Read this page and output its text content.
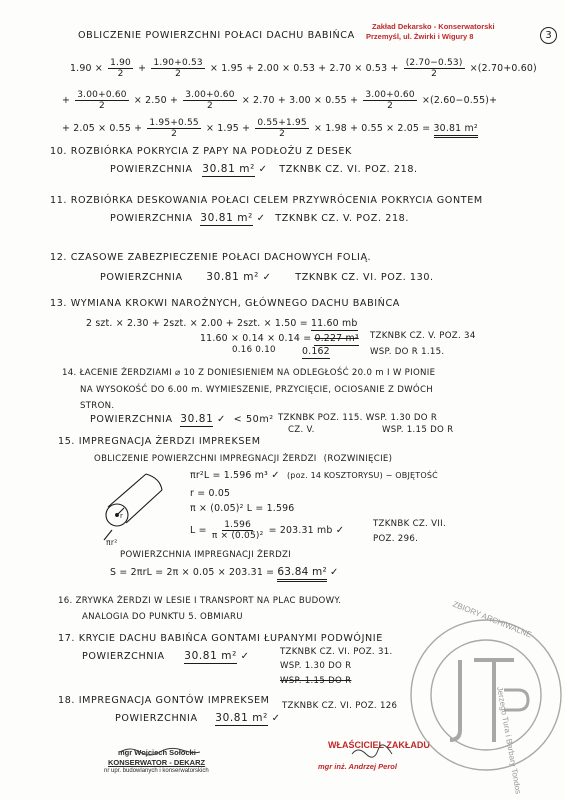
OBLICZENIE POWIERZCHNI POŁACI DACHU BABIŃCA
Zakład Dekarsko - Konserwatorski
Przemyśl, ul. Żwirki i Wigury 8	3
$1.90 \times \frac{1.90}{2} + \frac{1.90+0.53}{2} \times 1.95 + 2.00 \times 0.53 + 2.70 \times 0.53 + \frac{(2.70-0.53)}{2} \times(2.70+0.60)$
+ $\frac{3.00+0.60}{2} \times 2.50 + \frac{3.00+0.60}{2} \times 2.70 + 3.00 \times 0.55 + \frac{3.00+0.60}{2} \times(2.60-0.55)+$
+ $2.05 \times 0.55 + \frac{1.95+0.55}{2} \times 1.95 + \frac{0.55+1.95}{2} \times 1.98 + 0.55 \times 2.05 = 30.81$ m²
10. ROZBIÓRKA POKRYCIA Z PAPY NA PODŁOŻU Z DESEK
POWIERZCHNIA 30.81 m² ✓ TZKNBK CZ. VI. POZ. 218.
11. ROZBIÓRKA DESKOWANIA POŁACI CELEM PRZYWRÓCENIA POKRYCIA GONTEM
POWIERZCHNIA 30.81 m² ✓ TZKNBK CZ. V. POZ. 218.
12. CZASOWE ZABEZPIECZENIE POŁACI DACHOWYCH FOLIĄ.
POWIERZCHNIA 30.81 m² ✓ TZKNBK CZ. VI. POZ. 130.
13. WYMIANA KROKWI NAROŻNYCH, GŁÓWNEGO DACHU BABIŃCA
2 szt. × 2.30 + 2szt. × 2.00 + 2szt. × 1.50 = 11.60 mb
11.60 × 0.14 × 0.14 = 0.227 m³
0.16 0.10	0.162
TZKNBK CZ. V. POZ. 34
WSP. DO R 1.15.
14. ŁACENIE ŻERDZIAMI ⌀ 10 Z DONIESIENIEM NA ODLEGŁOŚĆ 20.0 m I W PIONIE
NA WYSOKOŚĆ DO 6.00 m. WYMIESZENIE, PRZYCIĘCIE, OCIOSANIE Z DWÓCH
STRON.
POWIERZCHNIA 30.81 ✓ < 50m² TZKNBK POZ. 115. WSP. 1.30 DO R
CZ. V.	WSP. 1.15 DO R
15. IMPREGNACJA ŻERDZI IMPREKSEM
OBLICZENIE POWIERZCHNI IMPREGNACJI ŻERDZI (ROZWINIĘCIE)
πr²L = 1.596 m³ ✓ (poz. 14 KOSZTORYSU) − OBJĘTOŚĆ
r = 0.05
π × (0.05)² L = 1.596
$L = \frac{1.596}{\text{π × (0.05)²}} = 203.31$ mb ✓
r
πr²
TZKNBK CZ. VII.
POZ. 296.
POWIERZCHNIA IMPREGNACJI ŻERDZI
S = 2πrL = 2π × 0.05 × 203.31 = 63.84 m² ✓
16. ZRYWKA ŻERDZI W LESIE I TRANSPORT NA PLAC BUDOWY.
ANALOGIA DO PUNKTU 5. OBMIARU
17. KRYCIE DACHU BABIŃCA GONTAMI ŁUPANYMI PODWÓJNIE
POWIERZCHNIA 30.81 m² ✓	TZKNBK CZ. VI. POZ. 31.
WSP. 1.30 DO R
WSP. 1.15 DO R
18. IMPREGNACJA GONTÓW IMPREKSEM
POWIERZCHNIA 30.81 m² ✓
TZKNBK CZ. VI. POZ. 126
mgr Wojciech Sołocki
KONSERWATOR - DEKARZ
nr upr. budowlanych i konserwatorskich
WŁAŚCICIEL ZAKŁADU
mgr inż. Andrzej Perol
ZBIORY ARCHIWALNE
Jerzego Tura i Barbary Tondos
